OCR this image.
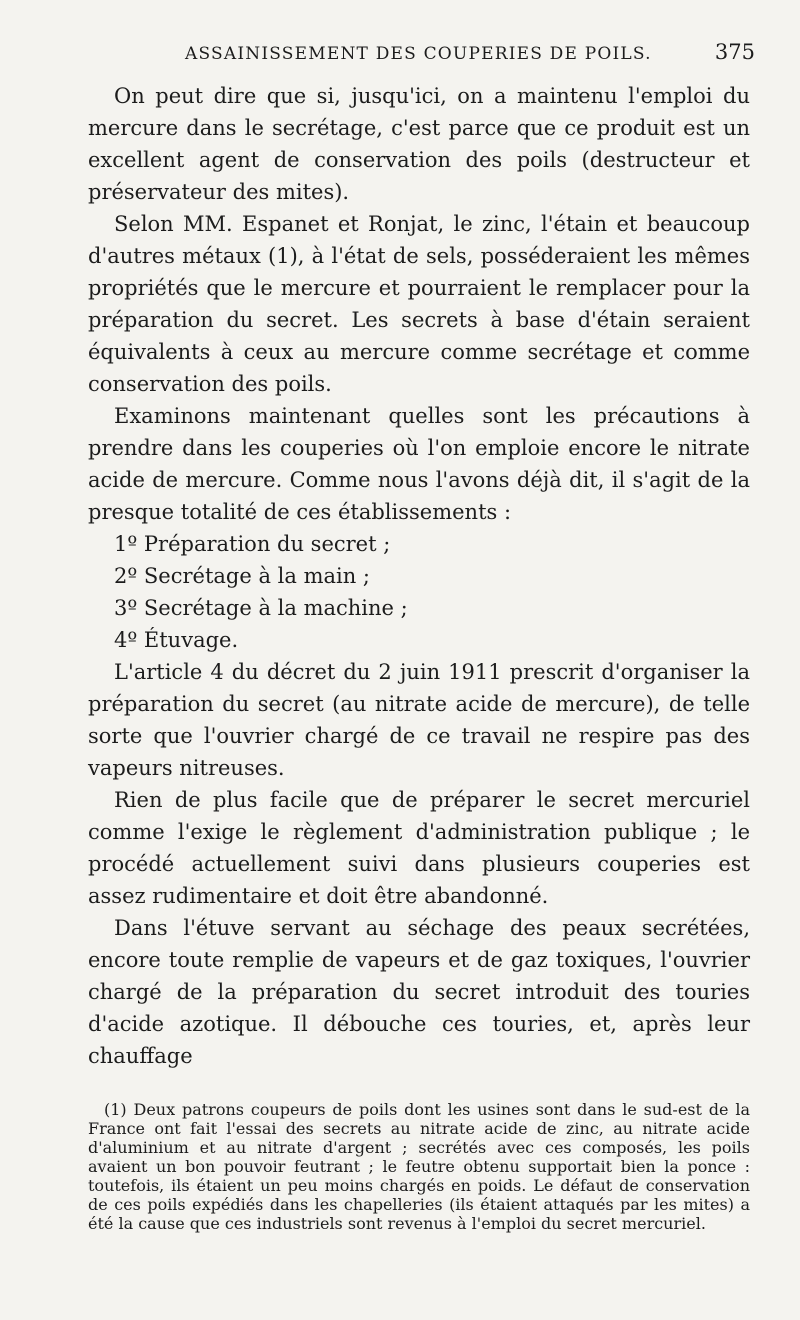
ASSAINISSEMENT DES COUPERIES DE POILS.	375

On peut dire que si, jusqu'ici, on a maintenu l'emploi du mercure dans le secrétage, c'est parce que ce produit est un excellent agent de conservation des poils (destructeur et préservateur des mites).

Selon MM. Espanet et Ronjat, le zinc, l'étain et beaucoup d'autres métaux (1), à l'état de sels, posséderaient les mêmes propriétés que le mercure et pourraient le remplacer pour la préparation du secret. Les secrets à base d'étain seraient équivalents à ceux au mercure comme secrétage et comme conservation des poils.

Examinons maintenant quelles sont les précautions à prendre dans les couperies où l'on emploie encore le nitrate acide de mercure. Comme nous l'avons déjà dit, il s'agit de la presque totalité de ces établissements :

1º Préparation du secret ;

2º Secrétage à la main ;

3º Secrétage à la machine ;

4º Étuvage.

L'article 4 du décret du 2 juin 1911 prescrit d'organiser la préparation du secret (au nitrate acide de mercure), de telle sorte que l'ouvrier chargé de ce travail ne respire pas des vapeurs nitreuses.

Rien de plus facile que de préparer le secret mercuriel comme l'exige le règlement d'administration publique ; le procédé actuellement suivi dans plusieurs couperies est assez rudimentaire et doit être abandonné.

Dans l'étuve servant au séchage des peaux secrétées, encore toute remplie de vapeurs et de gaz toxiques, l'ouvrier chargé de la préparation du secret introduit des touries d'acide azotique. Il débouche ces touries, et, après leur chauffage

(1) Deux patrons coupeurs de poils dont les usines sont dans le sud-est de la France ont fait l'essai des secrets au nitrate acide de zinc, au nitrate acide d'aluminium et au nitrate d'argent ; secrétés avec ces composés, les poils avaient un bon pouvoir feutrant ; le feutre obtenu supportait bien la ponce : toutefois, ils étaient un peu moins chargés en poids. Le défaut de conservation de ces poils expédiés dans les chapelleries (ils étaient attaqués par les mites) a été la cause que ces industriels sont revenus à l'emploi du secret mercuriel.
